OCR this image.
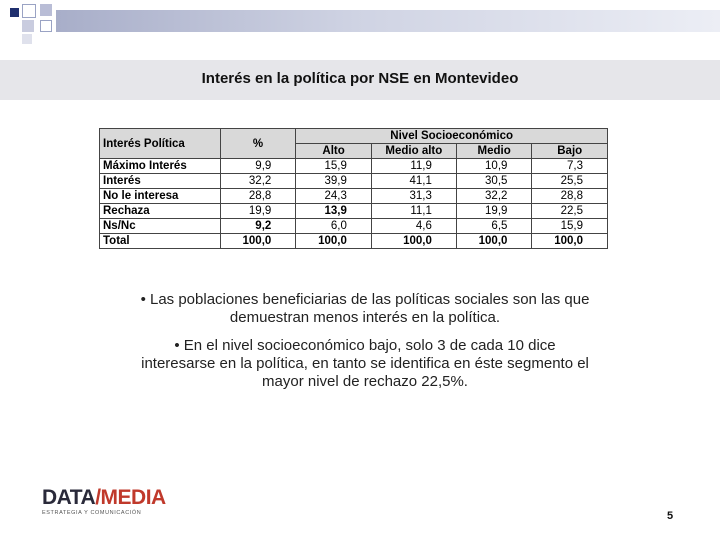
Interés en la política por NSE en Montevideo
Interés Política	%	Nivel Socioeconómico			
		Alto	Medio alto	Medio	Bajo
Máximo Interés	9,9	15,9	11,9	10,9	7,3
Interés	32,2	39,9	41,1	30,5	25,5
No le interesa	28,8	24,3	31,3	32,2	28,8
Rechaza	19,9	13,9	11,1	19,9	22,5
Ns/Nc	9,2	6,0	4,6	6,5	15,9
Total	100,0	100,0	100,0	100,0	100,0

• Las poblaciones beneficiarias de las políticas sociales son las que demuestran menos interés en la política.

• En el nivel socioeconómico bajo, solo 3 de cada 10 dice interesarse en la política, en tanto se identifica en éste segmento el mayor nivel de rechazo 22,5%.

DATA/MEDIA
ESTRATEGIA Y COMUNICACIÓN	5
